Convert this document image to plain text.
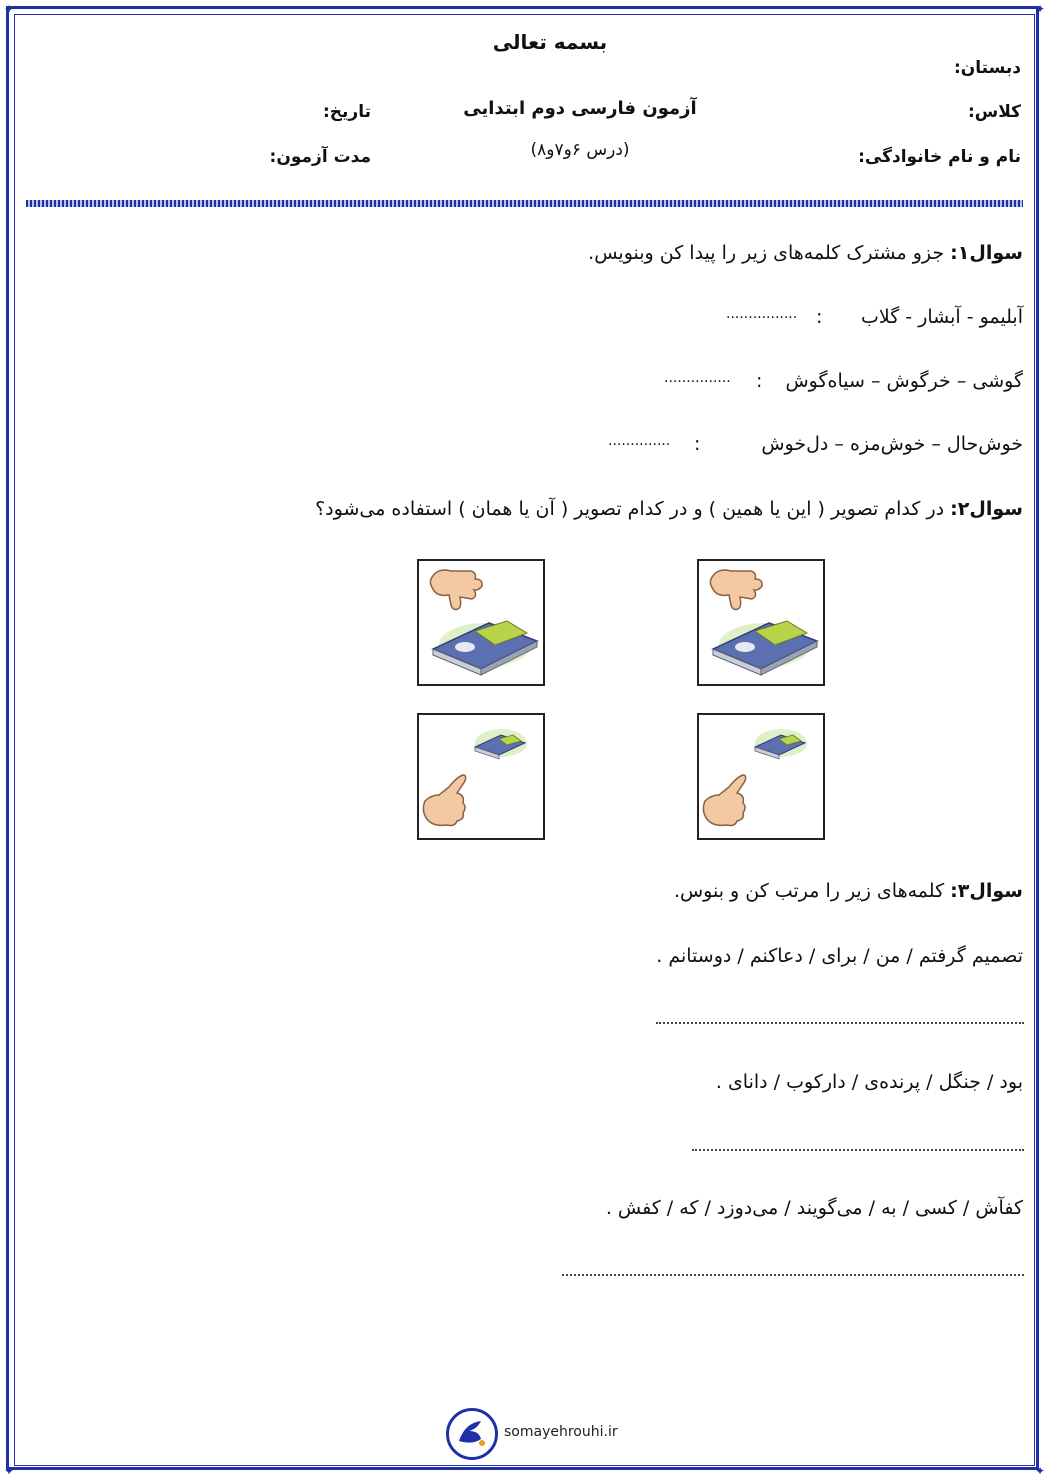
✦	✦
✦	✦
بسمه تعالی
دبستان:
کلاس:
آزمون فارسی دوم ابتدایی
تاریخ:
نام و نام خانوادگی:
(درس ۶و۷و۸)
مدت آزمون:
سوال۱: جزو مشترک کلمه‌های زیر را پیدا کن وبنویس.
آبلیمو - آبشار - گلاب
:
................
گوشی – خرگوش – سیاه‌گوش
:
...............
خوش‌حال – خوش‌مزه – دل‌خوش
:
..............
سوال۲: در کدام تصویر ( این یا همین ) و در کدام تصویر ( آن یا همان ) استفاده می‌شود؟
سوال۳: کلمه‌های زیر را مرتب کن و بنوس.
تصمیم گرفتم / من / برای / دعاکنم / دوستانم .
بود / جنگل / پرنده‌ی / دارکوب / دانای .
کفآش / کسی / به / می‌گویند / می‌دوزد / که / کفش .
somayehrouhi.ir
